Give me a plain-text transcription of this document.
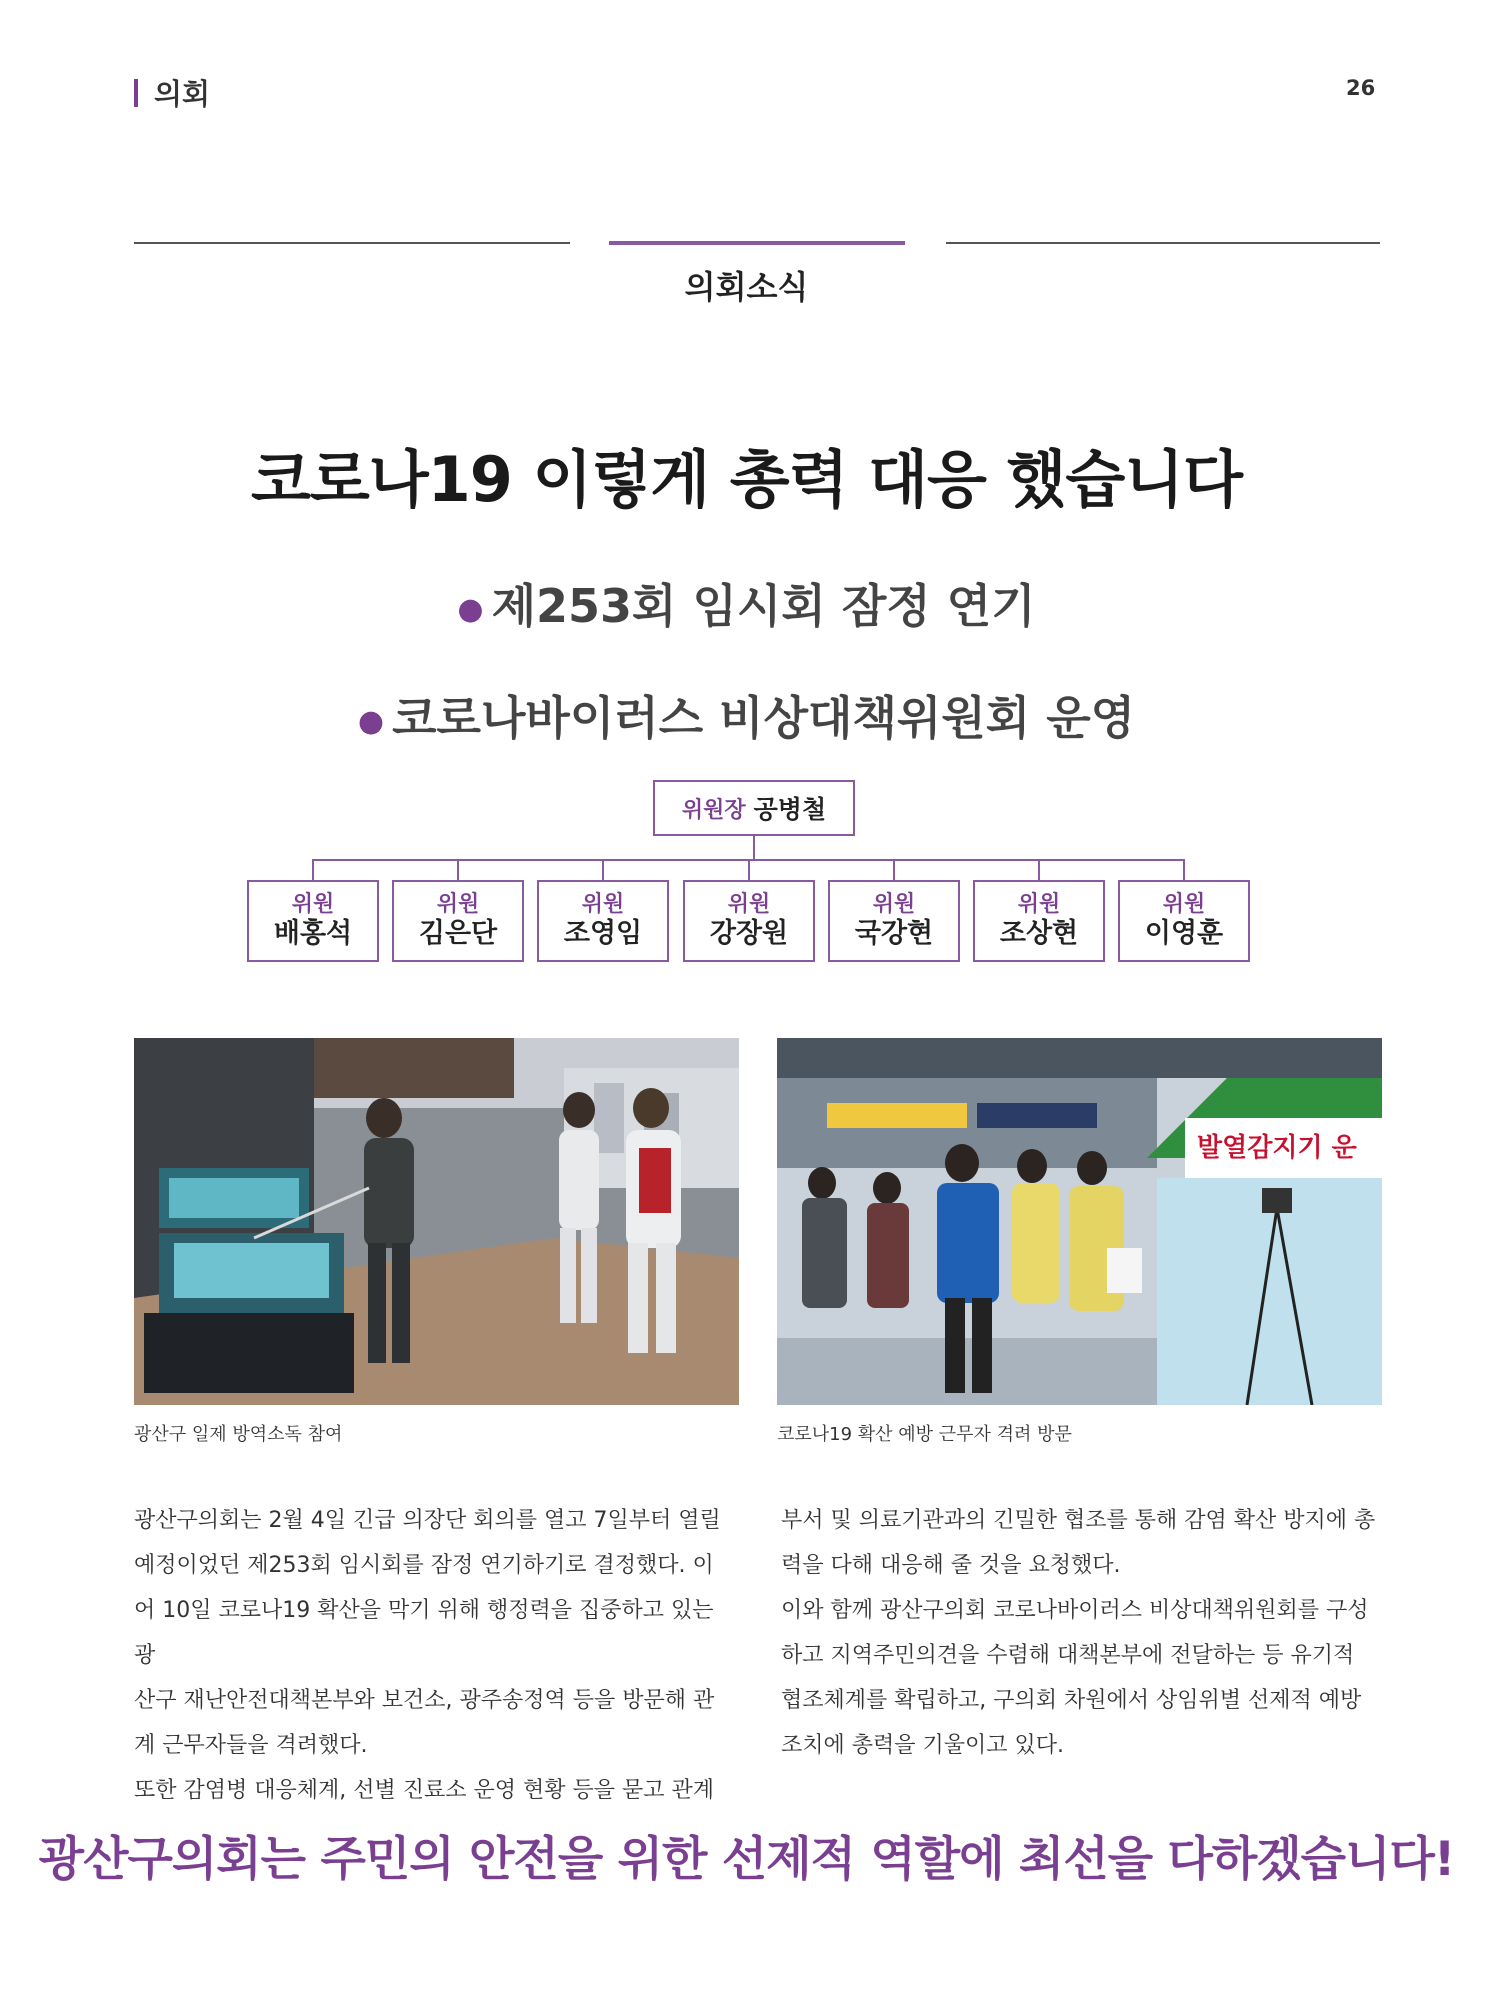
의회	26
의회소식
코로나19 이렇게 총력 대응 했습니다
● 제253회 임시회 잠정 연기
● 코로나바이러스 비상대책위원회 운영
위원장 공병철
위원
배홍석
위원
김은단
위원
조영임
위원
강장원
위원
국강현
위원
조상현
위원
이영훈
발열감지기 운
광산구 일제 방역소독 참여	코로나19 확산 예방 근무자 격려 방문

광산구의회는 2월 4일 긴급 의장단 회의를 열고 7일부터 열릴

예정이었던 제253회 임시회를 잠정 연기하기로 결정했다. 이

어 10일 코로나19 확산을 막기 위해 행정력을 집중하고 있는 광

산구 재난안전대책본부와 보건소, 광주송정역 등을 방문해 관

계 근무자들을 격려했다.

또한 감염병 대응체계, 선별 진료소 운영 현황 등을 묻고 관계

부서 및 의료기관과의 긴밀한 협조를 통해 감염 확산 방지에 총

력을 다해 대응해 줄 것을 요청했다.

이와 함께 광산구의회 코로나바이러스 비상대책위원회를 구성

하고 지역주민의견을 수렴해 대책본부에 전달하는 등 유기적

협조체계를 확립하고, 구의회 차원에서 상임위별 선제적 예방

조치에 총력을 기울이고 있다.

광산구의회는 주민의 안전을 위한 선제적 역할에 최선을 다하겠습니다!
